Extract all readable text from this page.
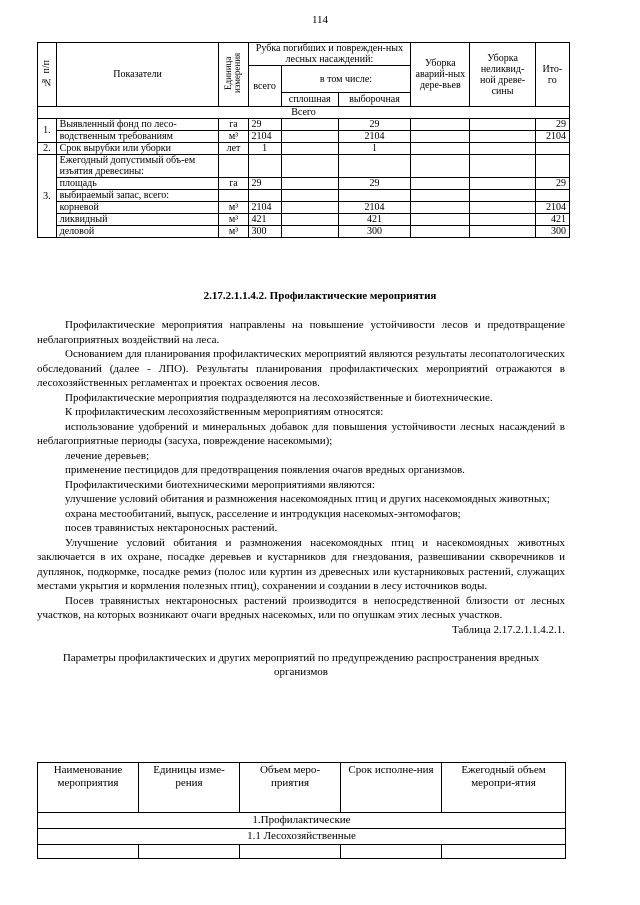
114
№ п/п	Показатели	Единица измерения	Рубка погибших и поврежден-ных лесных насаждений:			Уборка аварий-ных дере-вьев	Уборка неликвид-ной древе-сины	Ито-го
			всего	в том числе:				
				сплошная	выборочная			
Всего								
1.	Выявленный фонд по лесо-	га	29		29			29
	водственным требованиям	м³	2104		2104			2104
2.	Срок вырубки или уборки	лет	1		1			
3.	Ежегодный допустимый объ-ем изъятия древесины:							
	площадь	га	29		29			29
	выбираемый запас, всего:							
	корневой	м³	2104		2104			2104
	ликвидный	м³	421		421			421
	деловой	м³	300		300			300
2.17.2.1.1.4.2. Профилактические мероприятия

Профилактические мероприятия направлены на повышение устойчивости лесов и предотвращение неблагоприятных воздействий на леса.

Основанием для планирования профилактических мероприятий являются результаты лесопатологических обследований (далее - ЛПО). Результаты планирования профилактических мероприятий отражаются в лесохозяйственных регламентах и проектах освоения лесов.

Профилактические мероприятия подразделяются на лесохозяйственные и биотехнические.

К профилактическим лесохозяйственным мероприятиям относятся:

использование удобрений и минеральных добавок для повышения устойчивости лесных насаждений в неблагоприятные периоды (засуха, повреждение насекомыми);

лечение деревьев;

применение пестицидов для предотвращения появления очагов вредных организмов.

Профилактическими биотехническими мероприятиями являются:

улучшение условий обитания и размножения насекомоядных птиц и других насекомоядных животных;

охрана местообитаний, выпуск, расселение и интродукция насекомых-энтомофагов;

посев травянистых нектароносных растений.

Улучшение условий обитания и размножения насекомоядных птиц и насекомоядных животных заключается в их охране, посадке деревьев и кустарников для гнездования, развешивании скворечников и дуплянок, подкормке, посадке ремиз (полос или куртин из древесных или кустарниковых растений, служащих местами укрытия и кормления полезных птиц), сохранении и создании в лесу источников воды.

Посев травянистых нектароносных растений производится в непосредственной близости от лесных участков, на которых возникают очаги вредных насекомых, или по опушкам этих лесных участков.

Таблица 2.17.2.1.1.4.2.1.

Параметры профилактических и других мероприятий по предупреждению распространения вредных организмов

Наименование мероприятия	Единицы изме-рения	Объем меро-приятия	Срок исполне-ния	Ежегодный объем меропри-ятия
1.Профилактические				
1.1 Лесохозяйственные				
